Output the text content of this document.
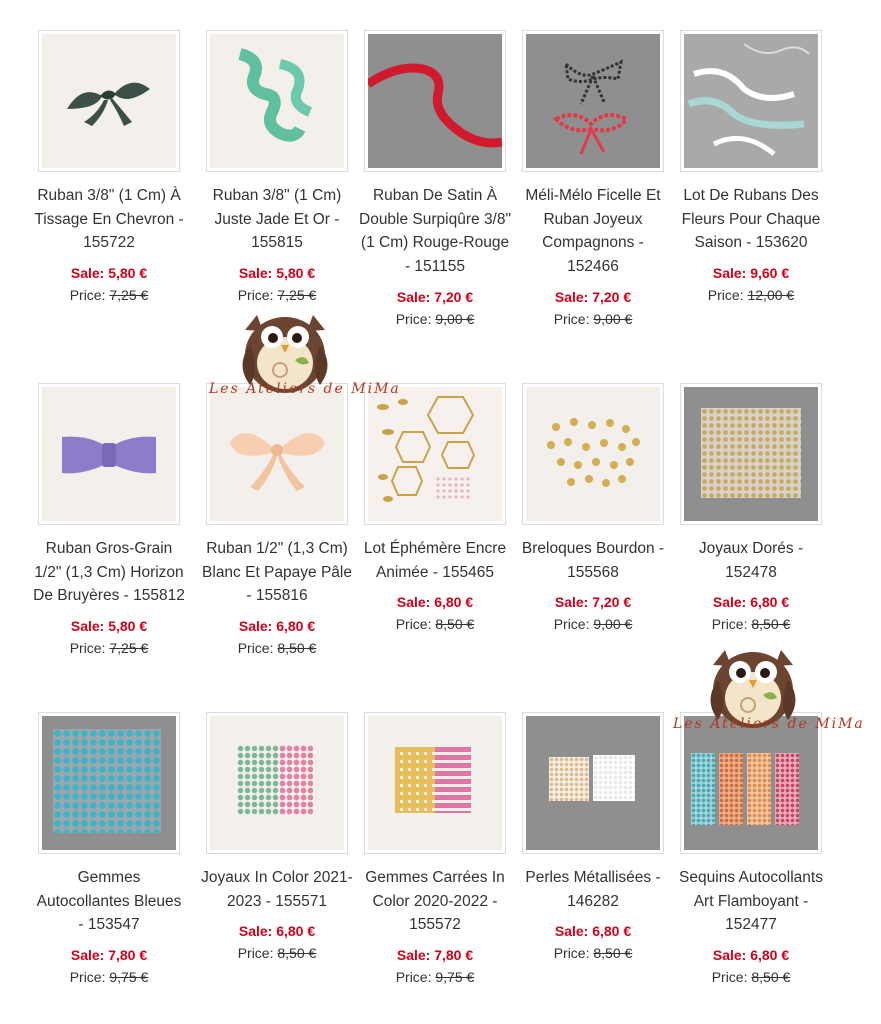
Ruban 3/8" (1 Cm) À Tissage En Chevron - 155722
Sale: 5,80 €
Price: 7,25 €
Ruban 3/8" (1 Cm) Juste Jade Et Or - 155815
Sale: 5,80 €
Price: 7,25 €
Ruban De Satin À Double Surpiqûre 3/8" (1 Cm) Rouge-Rouge - 151155
Sale: 7,20 €
Price: 9,00 €
Méli-Mélo Ficelle Et Ruban Joyeux Compagnons - 152466
Sale: 7,20 €
Price: 9,00 €
Lot De Rubans Des Fleurs Pour Chaque Saison - 153620
Sale: 9,60 €
Price: 12,00 €
Ruban Gros-Grain 1/2" (1,3 Cm) Horizon De Bruyères - 155812
Sale: 5,80 €
Price: 7,25 €
Ruban 1/2" (1,3 Cm) Blanc Et Papaye Pâle - 155816
Sale: 6,80 €
Price: 8,50 €
Lot Éphémère Encre Animée - 155465
Sale: 6,80 €
Price: 8,50 €
Breloques Bourdon - 155568
Sale: 7,20 €
Price: 9,00 €
Joyaux Dorés - 152478
Sale: 6,80 €
Price: 8,50 €
Gemmes Autocollantes Bleues - 153547
Sale: 7,80 €
Price: 9,75 €
Joyaux In Color 2021-2023 - 155571
Sale: 6,80 €
Price: 8,50 €
Gemmes Carrées In Color 2020-2022 - 155572
Sale: 7,80 €
Price: 9,75 €
Perles Métallisées - 146282
Sale: 6,80 €
Price: 8,50 €
Sequins Autocollants Art Flamboyant - 152477
Sale: 6,80 €
Price: 8,50 €
Les Ateliers de MiMa
Les Ateliers de MiMa
